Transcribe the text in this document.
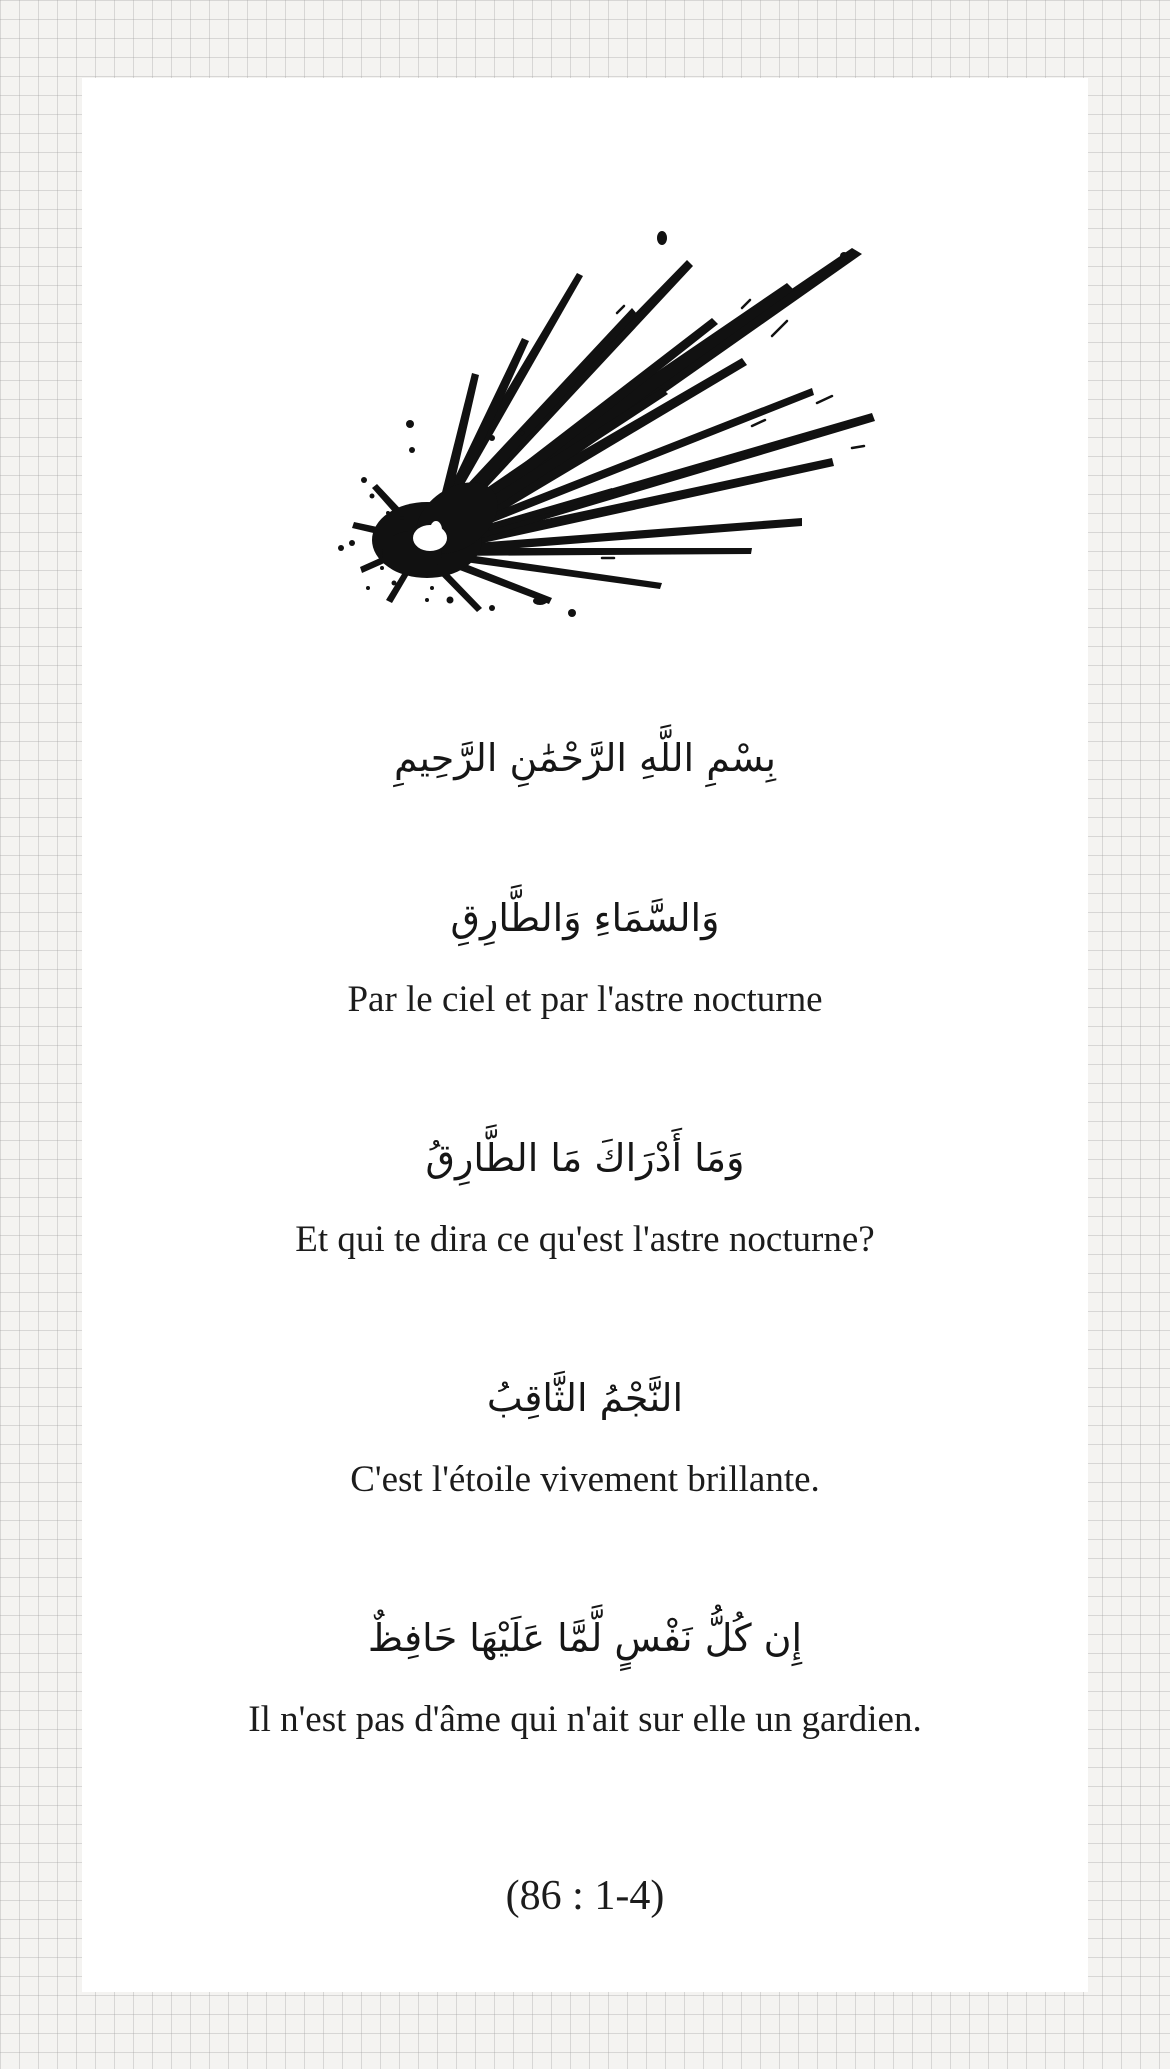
بِسْمِ اللَّهِ الرَّحْمَٰنِ الرَّحِيمِ
وَالسَّمَاءِ وَالطَّارِقِ
Par le ciel et par l'astre nocturne
وَمَا أَدْرَاكَ مَا الطَّارِقُ
Et qui te dira ce qu'est l'astre nocturne?
النَّجْمُ الثَّاقِبُ
C'est l'étoile vivement brillante.
إِن كُلُّ نَفْسٍ لَّمَّا عَلَيْهَا حَافِظٌ
Il n'est pas d'âme qui n'ait sur elle un gardien.
(86 : 1-4)
